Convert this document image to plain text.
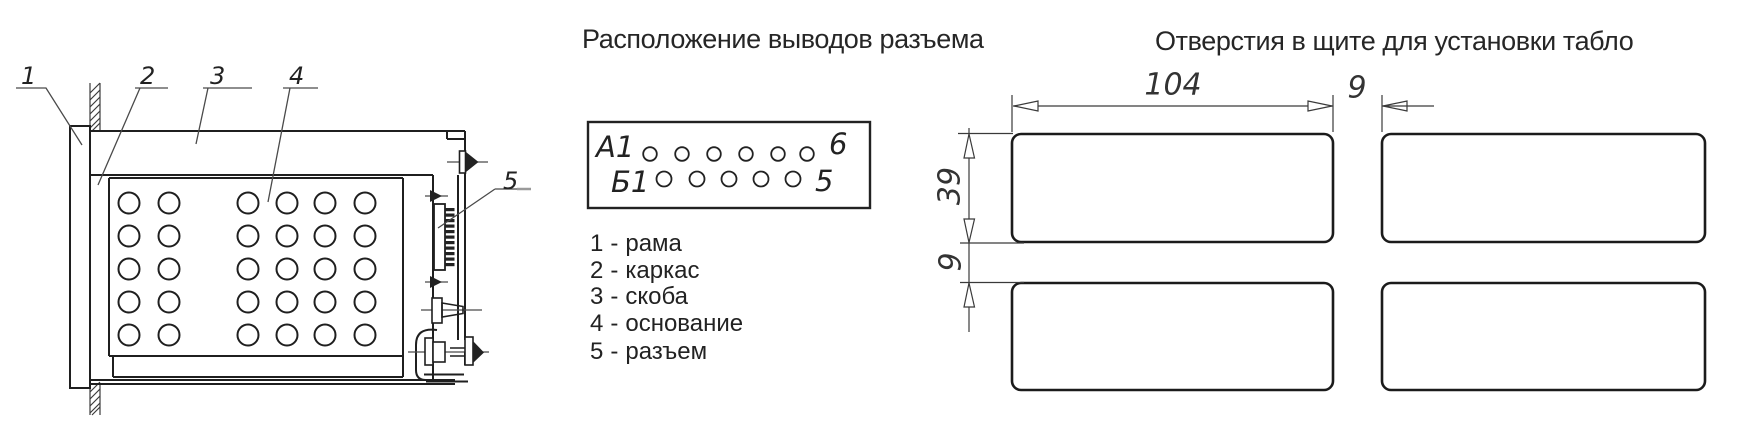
Расположение выводов разъема	Отверстия в щите для установки табло
1	2 3	4
5
А1
Б1
6
5
1 - рама
2 - каркас
3 - скоба
4 - основание
5 - разъем
104	9
39
9
